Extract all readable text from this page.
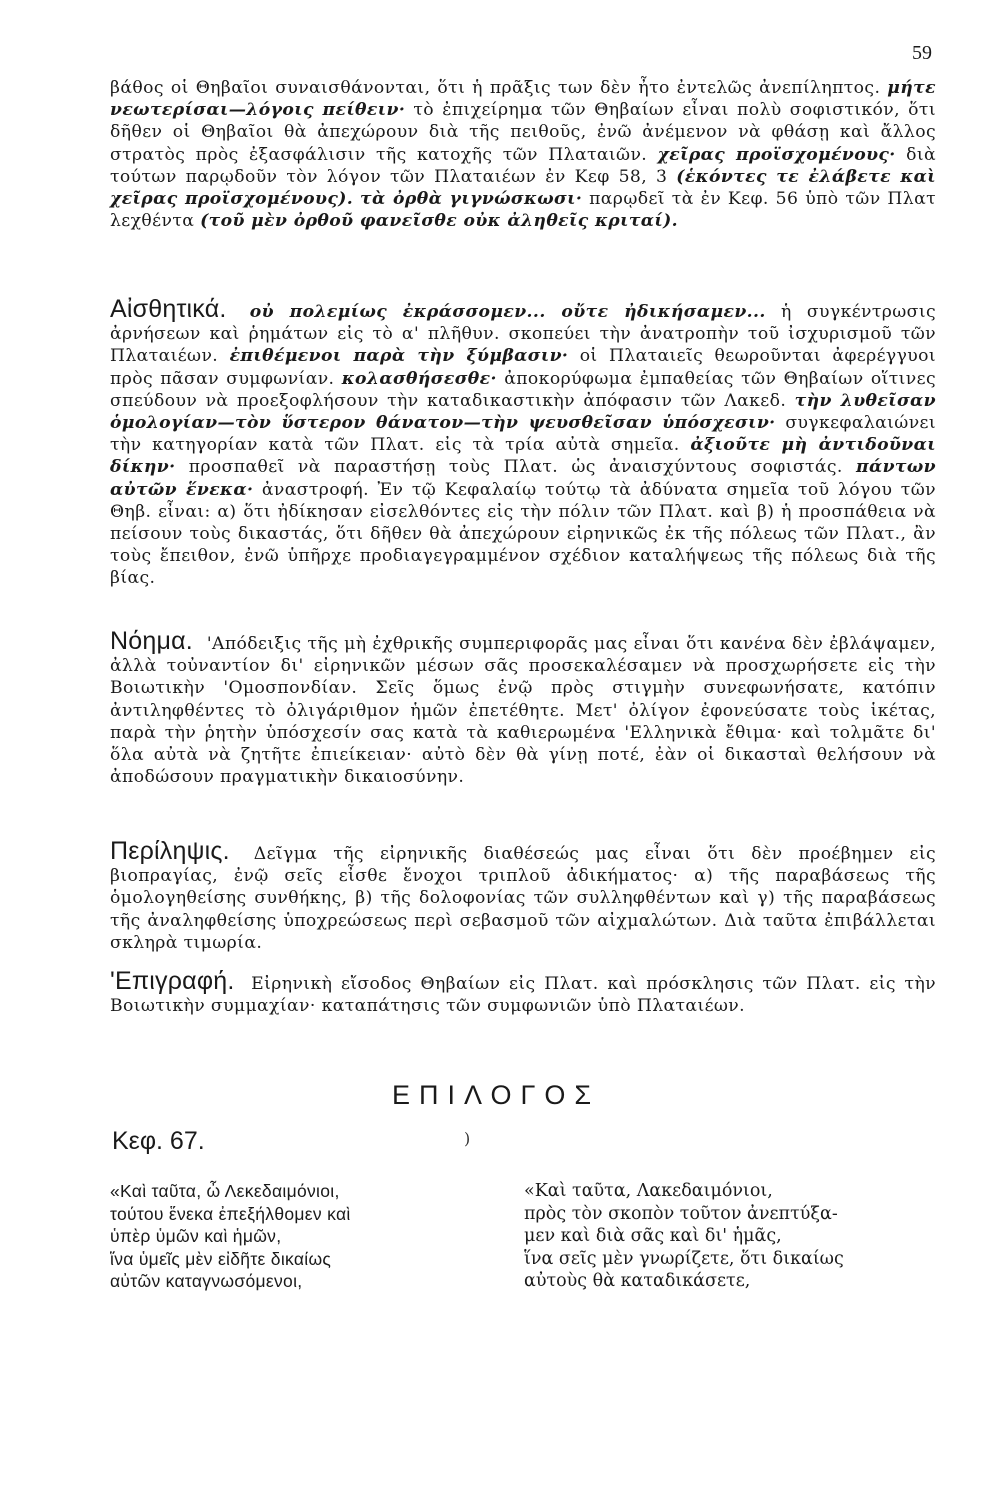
59

βάθος οἱ Θηβαῖοι συναισθάνονται, ὅτι ἡ πρᾶξις των δὲν ἦτο ἐντελῶς ἀνεπίληπτος. μήτε νεωτερίσαι—λόγοις πείθειν· τὸ ἐπιχείρημα τῶν Θηβαίων εἶναι πολὺ σοφιστικόν, ὅτι δῆθεν οἱ Θηβαῖοι θὰ ἀπεχώρουν διὰ τῆς πειθοῦς, ἐνῶ ἀνέμενον νὰ φθάσῃ καὶ ἄλλος στρατὸς πρὸς ἐξασφάλισιν τῆς κατοχῆς τῶν Πλαταιῶν. χεῖρας προϊσχομένους· διὰ τούτων παρῳδοῦν τὸν λόγον τῶν Πλαταιέων ἐν Κεφ 58, 3 (ἑκόντες τε ἐλάβετε καὶ χεῖρας προϊσχομένους). τὰ ὀρθὰ γιγνώσκωσι· παρῳδεῖ τὰ ἐν Κεφ. 56 ὑπὸ τῶν Πλατ λεχθέντα (τοῦ μὲν ὀρθοῦ φανεῖσθε οὐκ ἀληθεῖς κριταί).

Αἰσθητικά. οὐ πολεμίως ἐκράσσομεν... οὔτε ἠδικήσαμεν... ἡ συγκέντρωσις ἀρνήσεων καὶ ῥημάτων εἰς τὸ α' πλῆθυν. σκοπεύει τὴν ἀνατροπὴν τοῦ ἰσχυρισμοῦ τῶν Πλαταιέων. ἐπιθέμενοι παρὰ τὴν ξύμβασιν· οἱ Πλαταιεῖς θεωροῦνται ἀφερέγγυοι πρὸς πᾶσαν συμφωνίαν. κολασθήσεσθε· ἀποκορύφωμα ἐμπαθείας τῶν Θηβαίων οἵτινες σπεύδουν νὰ προεξοφλήσουν τὴν καταδικαστικὴν ἀπόφασιν τῶν Λακεδ. τὴν λυθεῖσαν ὁμολογίαν—τὸν ὕστερον θάνατον—τὴν ψευσθεῖσαν ὑπόσχεσιν· συγκεφαλαιώνει τὴν κατηγορίαν κατὰ τῶν Πλατ. εἰς τὰ τρία αὐτὰ σημεῖα. ἀξιοῦτε μὴ ἀντιδοῦναι δίκην· προσπαθεῖ νὰ παραστήσῃ τοὺς Πλατ. ὡς ἀναισχύντους σοφιστάς. πάντων αὐτῶν ἕνεκα· ἀναστροφή. Ἐν τῷ Κεφαλαίῳ τούτῳ τὰ ἀδύνατα σημεῖα τοῦ λόγου τῶν Θηβ. εἶναι: α) ὅτι ἠδίκησαν εἰσελθόντες εἰς τὴν πόλιν τῶν Πλατ. καὶ β) ἡ προσπάθεια νὰ πείσουν τοὺς δικαστάς, ὅτι δῆθεν θὰ ἀπεχώρουν εἰρηνικῶς ἐκ τῆς πόλεως τῶν Πλατ., ἂν τοὺς ἔπειθον, ἐνῶ ὑπῆρχε προδιαγεγραμμένον σχέδιον καταλήψεως τῆς πόλεως διὰ τῆς βίας.

Νόημα. 'Απόδειξις τῆς μὴ ἐχθρικῆς συμπεριφορᾶς μας εἶναι ὅτι κανένα δὲν ἐβλάψαμεν, ἀλλὰ τοὐναντίον δι' εἰρηνικῶν μέσων σᾶς προσεκαλέσαμεν νὰ προσχωρήσετε εἰς τὴν Βοιωτικὴν 'Ομοσπονδίαν. Σεῖς ὅμως ἐνῷ πρὸς στιγμὴν συνεφωνήσατε, κατόπιν ἀντιληφθέντες τὸ ὀλιγάριθμον ἡμῶν ἐπετέθητε. Μετ' ὀλίγον ἐφονεύσατε τοὺς ἱκέτας, παρὰ τὴν ῥητὴν ὑπόσχεσίν σας κατὰ τὰ καθιερωμένα 'Ελληνικὰ ἔθιμα· καὶ τολμᾶτε δι' ὅλα αὐτὰ νὰ ζητῆτε ἐπιείκειαν· αὐτὸ δὲν θὰ γίνῃ ποτέ, ἐὰν οἱ δικασταὶ θελήσουν νὰ ἀποδώσουν πραγματικὴν δικαιοσύνην.

Περίληψις. Δεῖγμα τῆς εἰρηνικῆς διαθέσεώς μας εἶναι ὅτι δὲν προέβημεν εἰς βιοπραγίας, ἐνῷ σεῖς εἶσθε ἔνοχοι τριπλοῦ ἀδικήματος· α) τῆς παραβάσεως τῆς ὁμολογηθείσης συνθήκης, β) τῆς δολοφονίας τῶν συλληφθέντων καὶ γ) τῆς παραβάσεως τῆς ἀναληφθείσης ὑποχρεώσεως περὶ σεβασμοῦ τῶν αἰχμαλώτων. Διὰ ταῦτα ἐπιβάλλεται σκληρὰ τιμωρία.

'Επιγραφή. Εἰρηνικὴ εἴσοδος Θηβαίων εἰς Πλατ. καὶ πρόσκλησις τῶν Πλατ. εἰς τὴν Βοιωτικὴν συμμαχίαν· καταπάτησις τῶν συμφωνιῶν ὑπὸ Πλαταιέων.

ΕΠΙΛΟΓΟΣ
Κεφ. 67.	)
«Καὶ ταῦτα, ὦ Λεκεδαιμόνιοι,
τούτου ἕνεκα ἐπεξήλθομεν καὶ
ὑπὲρ ὑμῶν καὶ ἡμῶν,
ἵνα ὑμεῖς μὲν εἰδῆτε δικαίως
αὐτῶν καταγνωσόμενοι,
«Καὶ ταῦτα, Λακεδαιμόνιοι,
πρὸς τὸν σκοπὸν τοῦτον ἀνεπτύξα-
μεν καὶ διὰ σᾶς καὶ δι' ἡμᾶς,
ἵνα σεῖς μὲν γνωρίζετε, ὅτι δικαίως
αὐτοὺς θὰ καταδικάσετε,
